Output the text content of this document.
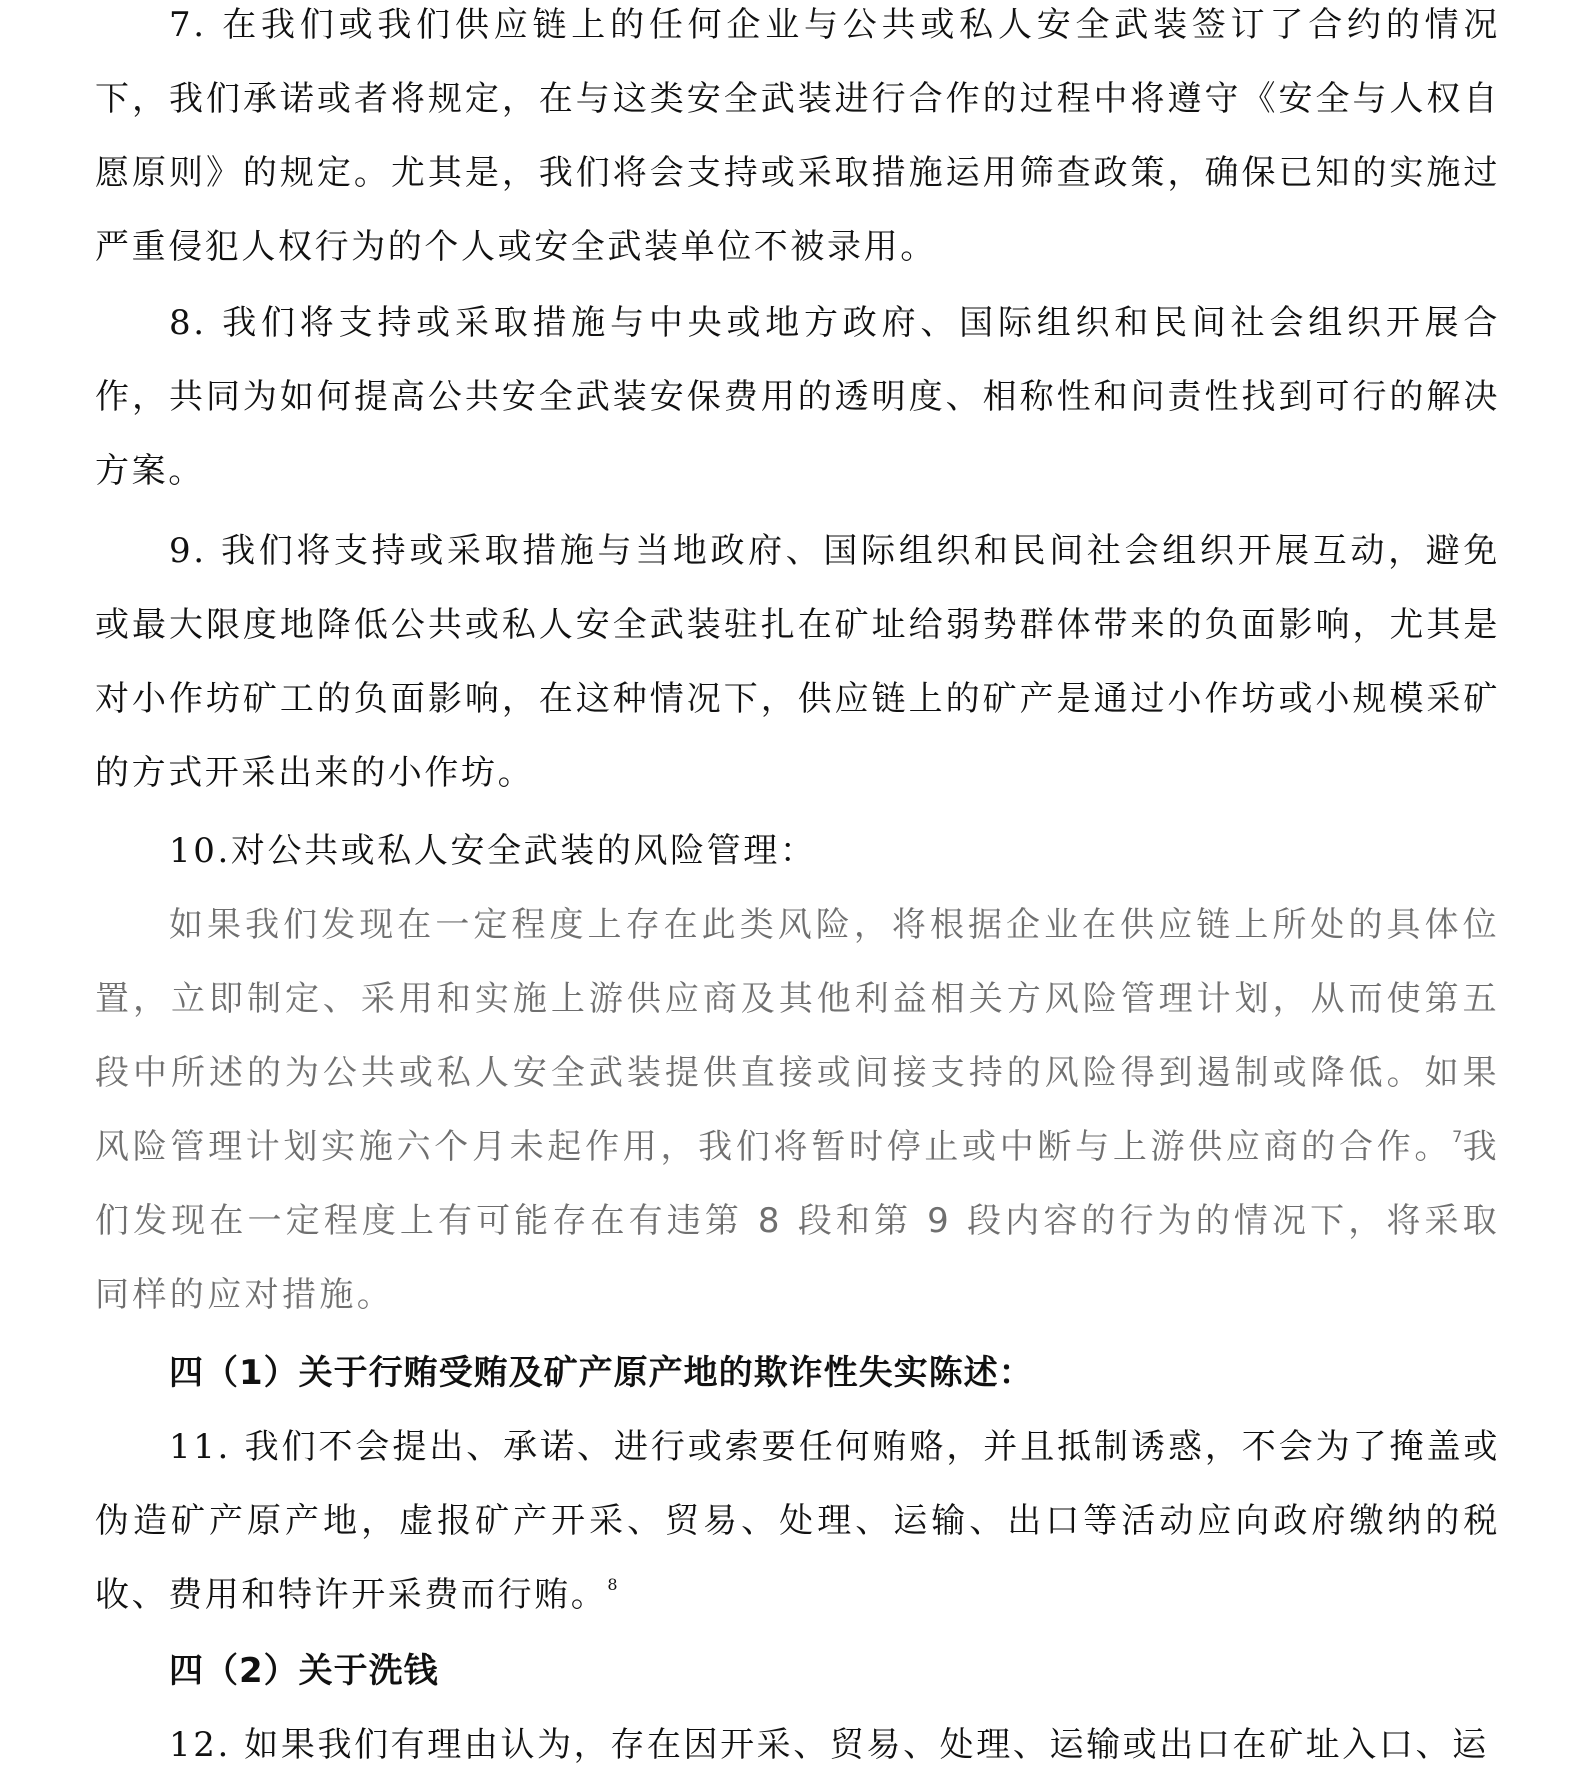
7. 在我们或我们供应链上的任何企业与公共或私人安全武装签订了合约的情况下，我们承诺或者将规定，在与这类安全武装进行合作的过程中将遵守《安全与人权自愿原则》的规定。尤其是，我们将会支持或采取措施运用筛查政策，确保已知的实施过严重侵犯人权行为的个人或安全武装单位不被录用。

8. 我们将支持或采取措施与中央或地方政府、国际组织和民间社会组织开展合作，共同为如何提高公共安全武装安保费用的透明度、相称性和问责性找到可行的解决方案。

9. 我们将支持或采取措施与当地政府、国际组织和民间社会组织开展互动，避免或最大限度地降低公共或私人安全武装驻扎在矿址给弱势群体带来的负面影响，尤其是对小作坊矿工的负面影响，在这种情况下，供应链上的矿产是通过小作坊或小规模采矿的方式开采出来的小作坊。

10.对公共或私人安全武装的风险管理：

如果我们发现在一定程度上存在此类风险，将根据企业在供应链上所处的具体位置，立即制定、采用和实施上游供应商及其他利益相关方风险管理计划，从而使第五段中所述的为公共或私人安全武装提供直接或间接支持的风险得到遏制或降低。如果风险管理计划实施六个月未起作用，我们将暂时停止或中断与上游供应商的合作。$^7$我们发现在一定程度上有可能存在有违第 8 段和第 9 段内容的行为的情况下，将采取同样的应对措施。

四（1）关于行贿受贿及矿产原产地的欺诈性失实陈述：

11. 我们不会提出、承诺、进行或索要任何贿赂，并且抵制诱惑，不会为了掩盖或伪造矿产原产地，虚报矿产开采、贸易、处理、运输、出口等活动应向政府缴纳的税收、费用和特许开采费而行贿。$^8$

四（2）关于洗钱

12. 如果我们有理由认为，存在因开采、贸易、处理、运输或出口在矿址入口、运
